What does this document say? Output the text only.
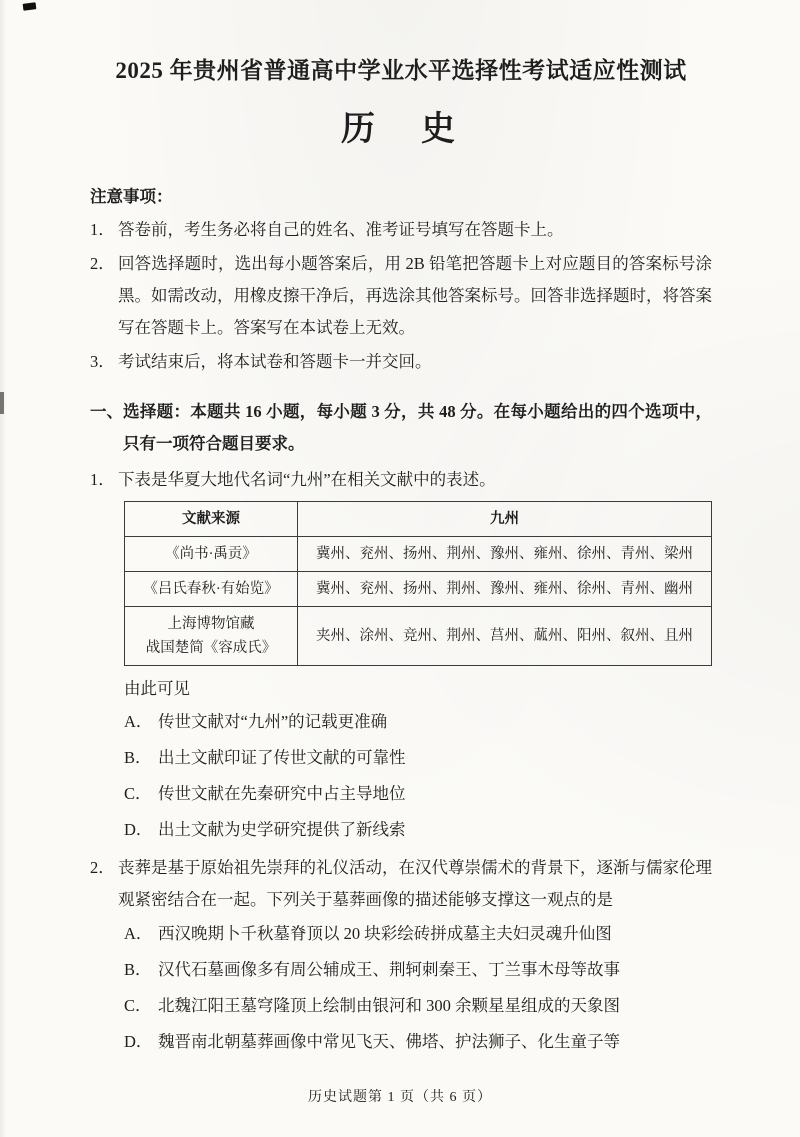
2025 年贵州省普通高中学业水平选择性考试适应性测试
历　史
注意事项：
1． 答卷前，考生务必将自己的姓名、准考证号填写在答题卡上。
2． 回答选择题时，选出每小题答案后，用 2B 铅笔把答题卡上对应题目的答案标号涂黑。如需改动，用橡皮擦干净后，再选涂其他答案标号。回答非选择题时，将答案写在答题卡上。答案写在本试卷上无效。
3． 考试结束后，将本试卷和答题卡一并交回。
一、 选择题：本题共 16 小题，每小题 3 分，共 48 分。在每小题给出的四个选项中，只有一项符合题目要求。
1． 下表是华夏大地代名词“九州”在相关文献中的表述。
文献来源	九州
《尚书·禹贡》	冀州、兖州、扬州、荆州、豫州、雍州、徐州、青州、梁州
《吕氏春秋·有始览》	冀州、兖州、扬州、荆州、豫州、雍州、徐州、青州、幽州

上海博物馆藏
战国楚简《容成氏》	夹州、涂州、竞州、荆州、莒州、蓏州、阳州、叙州、且州
由此可见
A． 传世文献对“九州”的记载更准确
B． 出土文献印证了传世文献的可靠性
C． 传世文献在先秦研究中占主导地位
D． 出土文献为史学研究提供了新线索
2． 丧葬是基于原始祖先崇拜的礼仪活动，在汉代尊崇儒术的背景下，逐渐与儒家伦理观紧密结合在一起。下列关于墓葬画像的描述能够支撑这一观点的是
A． 西汉晚期卜千秋墓脊顶以 20 块彩绘砖拼成墓主夫妇灵魂升仙图
B． 汉代石墓画像多有周公辅成王、荆轲刺秦王、丁兰事木母等故事
C． 北魏江阳王墓穹隆顶上绘制由银河和 300 余颗星星组成的天象图
D． 魏晋南北朝墓葬画像中常见飞天、佛塔、护法狮子、化生童子等
历史试题第 1 页（共 6 页）
